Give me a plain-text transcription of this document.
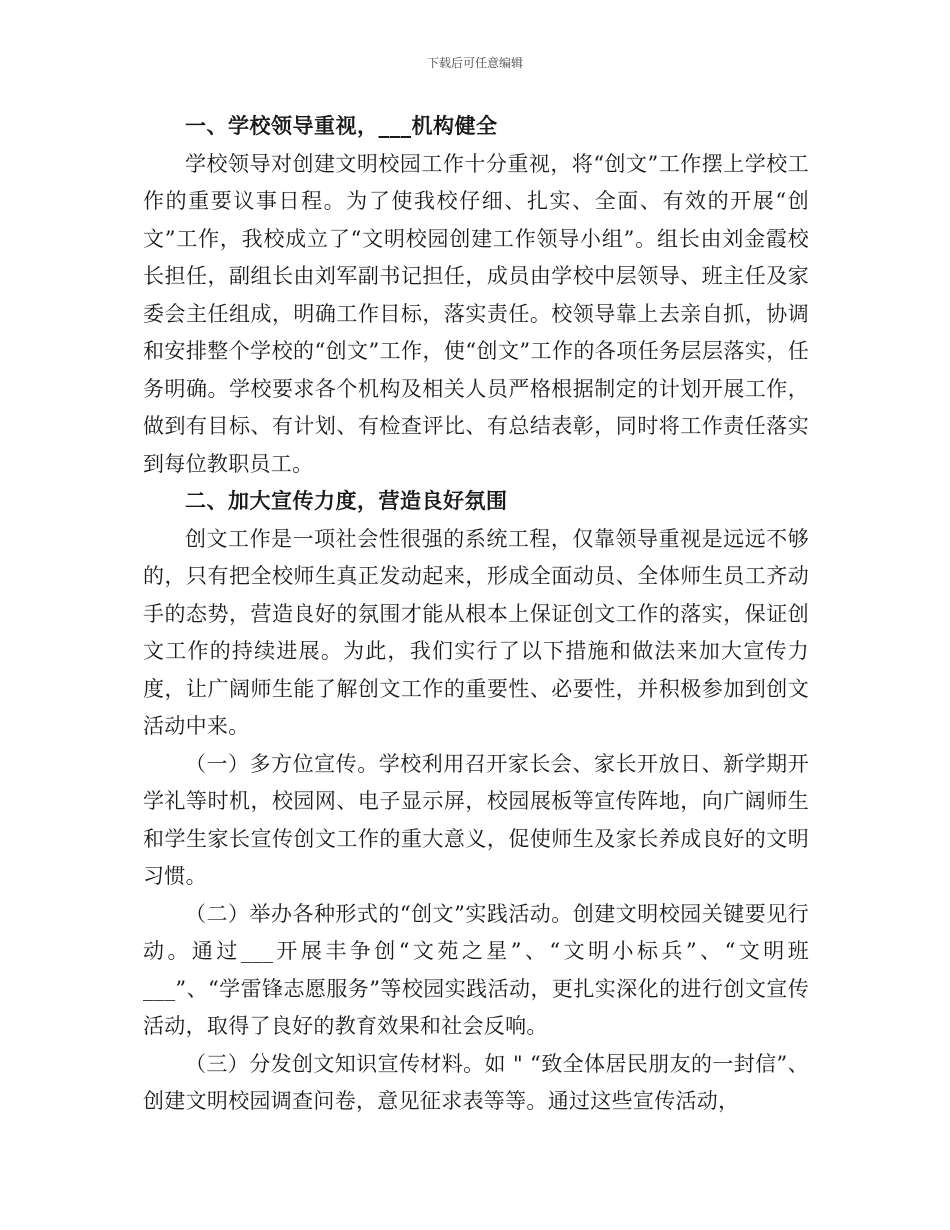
下载后可任意编辑

一、学校领导重视，___机构健全

学校领导对创建文明校园工作十分重视，将“创文”工作摆上学校工作的重要议事日程。为了使我校仔细、扎实、全面、有效的开展“创文”工作，我校成立了“文明校园创建工作领导小组”。组长由刘金霞校长担任，副组长由刘军副书记担任，成员由学校中层领导、班主任及家委会主任组成，明确工作目标，落实责任。校领导靠上去亲自抓，协调和安排整个学校的“创文”工作，使“创文”工作的各项任务层层落实，任务明确。学校要求各个机构及相关人员严格根据制定的计划开展工作，做到有目标、有计划、有检查评比、有总结表彰，同时将工作责任落实到每位教职员工。

二、加大宣传力度，营造良好氛围

创文工作是一项社会性很强的系统工程，仅靠领导重视是远远不够的，只有把全校师生真正发动起来，形成全面动员、全体师生员工齐动手的态势，营造良好的氛围才能从根本上保证创文工作的落实，保证创文工作的持续进展。为此，我们实行了以下措施和做法来加大宣传力度，让广阔师生能了解创文工作的重要性、必要性，并积极参加到创文活动中来。

（一）多方位宣传。学校利用召开家长会、家长开放日、新学期开学礼等时机，校园网、电子显示屏，校园展板等宣传阵地，向广阔师生和学生家长宣传创文工作的重大意义，促使师生及家长养成良好的文明习惯。

（二）举办各种形式的“创文”实践活动。创建文明校园关键要见行动。通过___开展丰争创“文苑之星”、“文明小标兵”、“文明班___”、“学雷锋志愿服务”等校园实践活动，更扎实深化的进行创文宣传活动，取得了良好的教育效果和社会反响。

（三）分发创文知识宣传材料。如 " “致全体居民朋友的一封信”、创建文明校园调查问卷，意见征求表等等。通过这些宣传活动，
